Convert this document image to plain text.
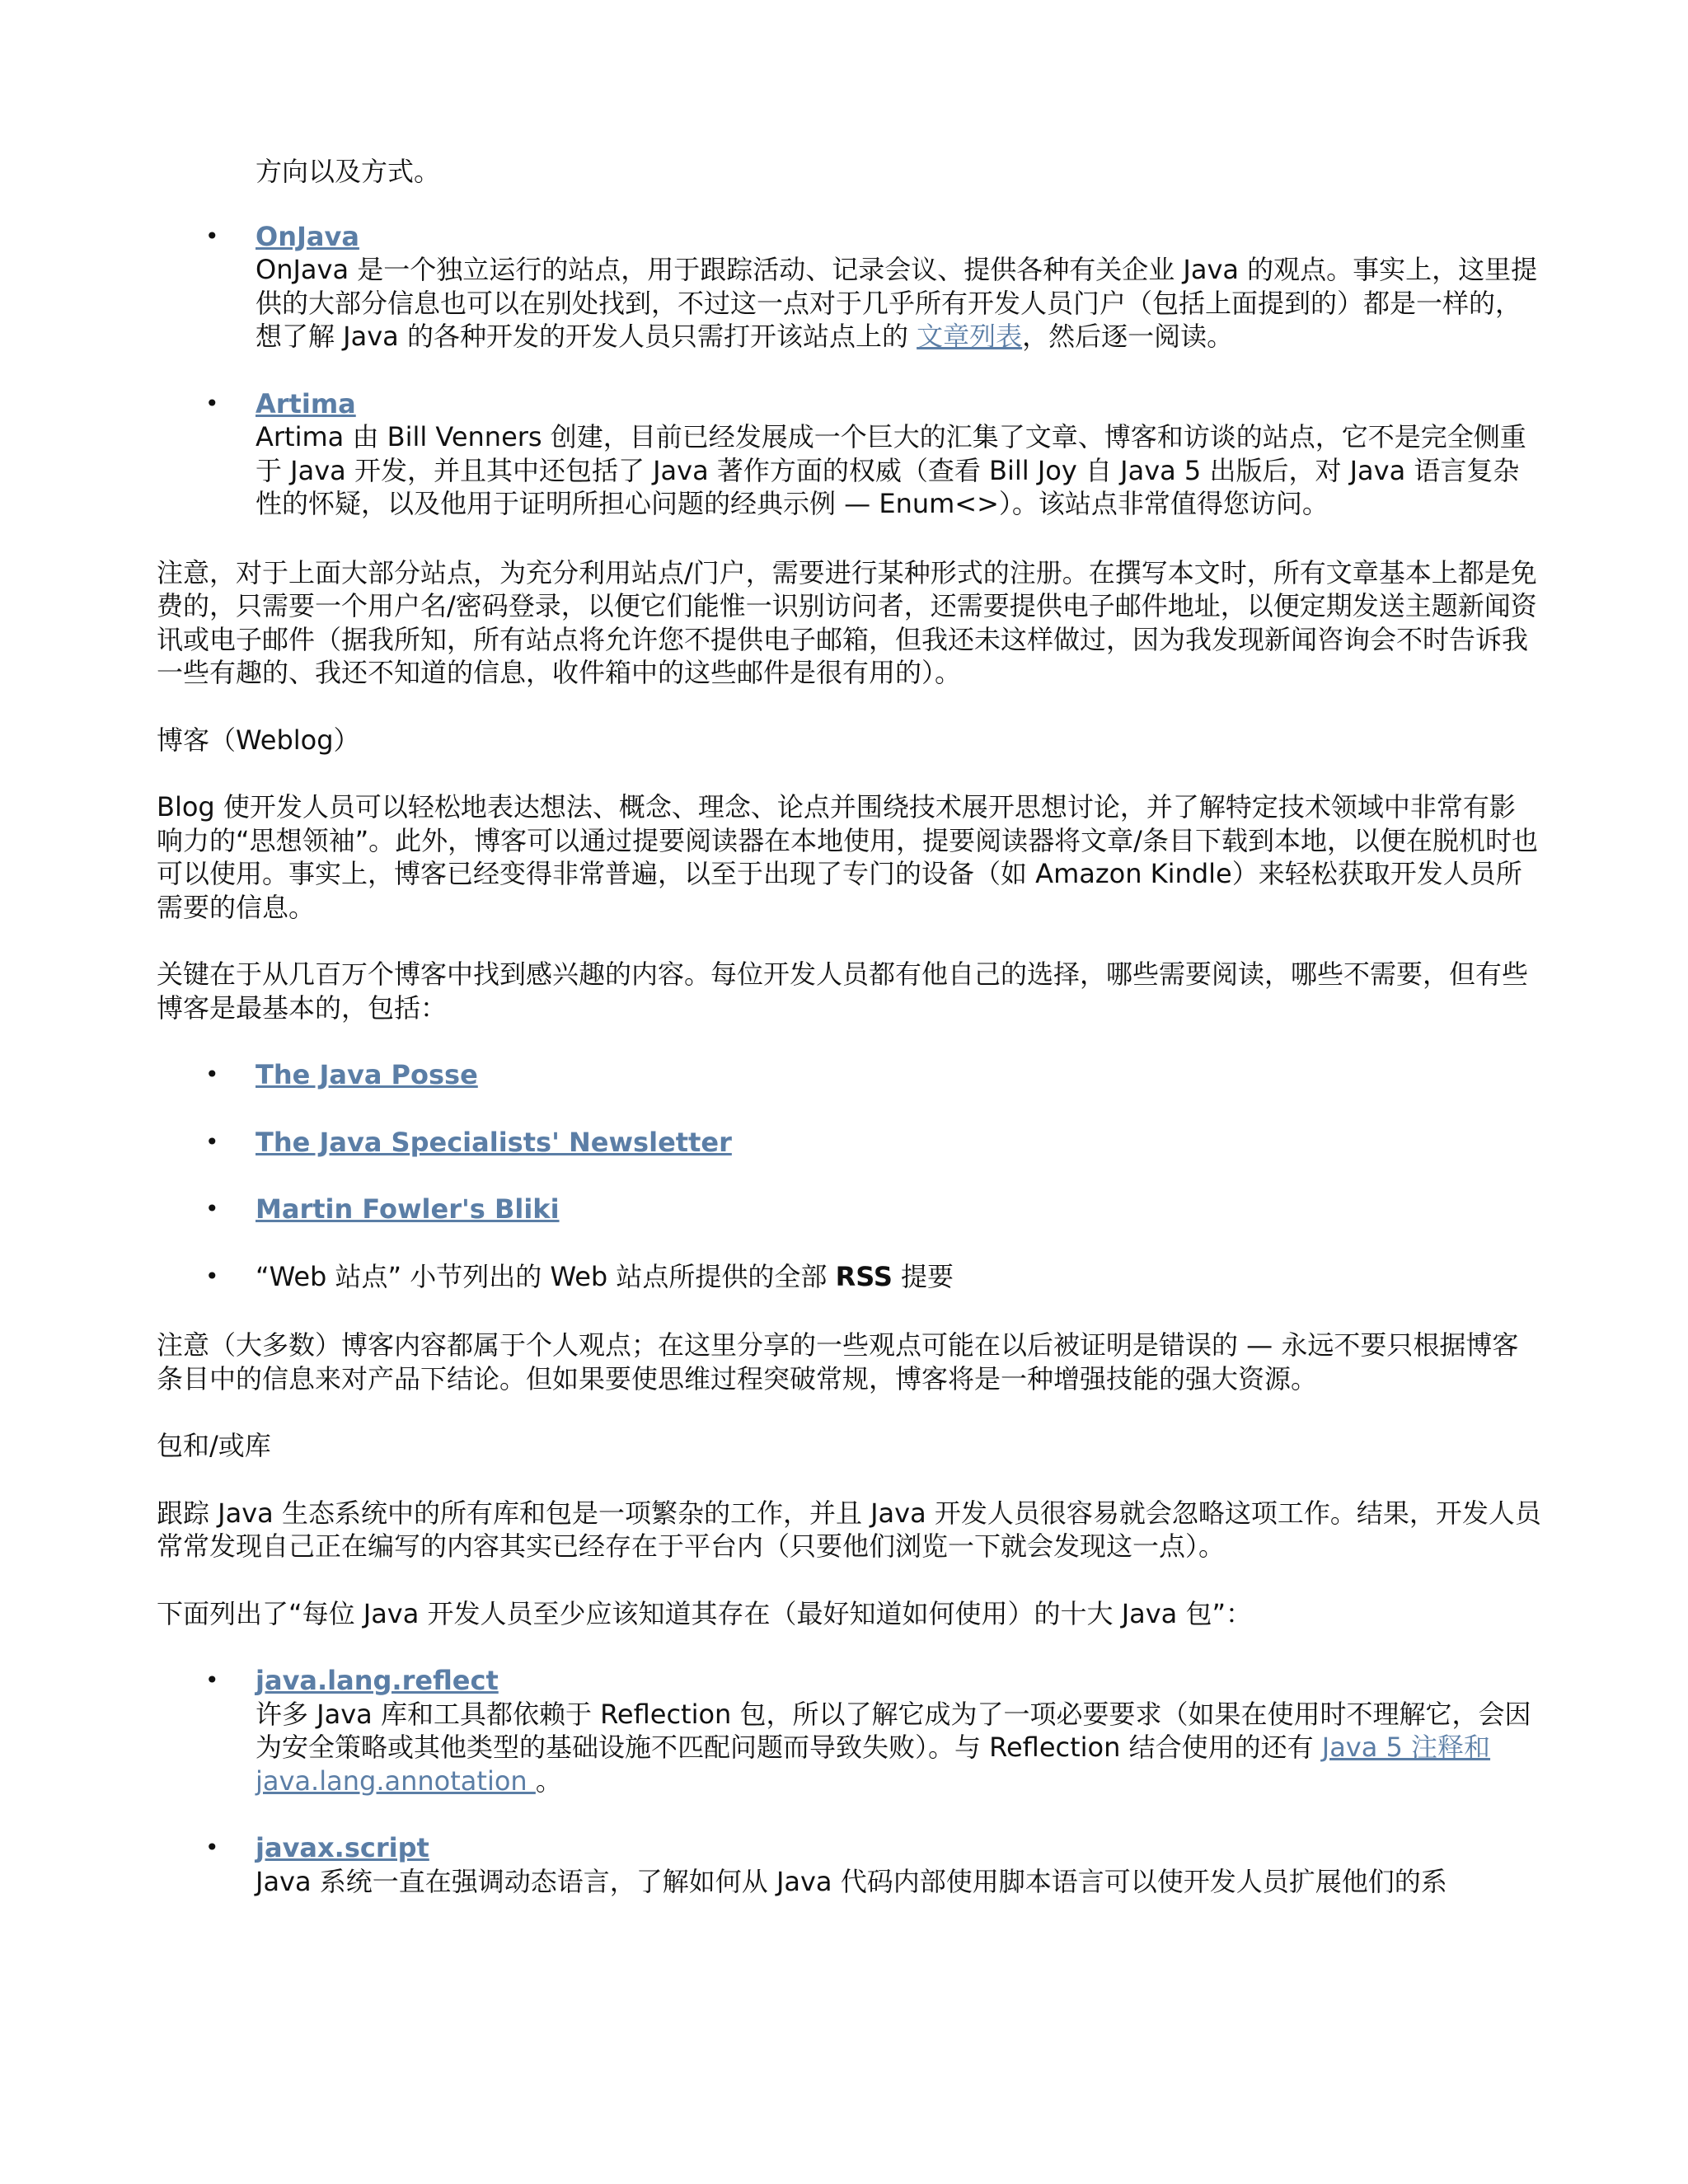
方向以及方式。
• OnJava
OnJava 是一个独立运行的站点，用于跟踪活动、记录会议、提供各种有关企业 Java 的观点。事实上，这里提供的大部分信息也可以在别处找到，不过这一点对于几乎所有开发人员门户（包括上面提到的）都是一样的，想了解 Java 的各种开发的开发人员只需打开该站点上的 文章列表，然后逐一阅读。
• Artima
Artima 由 Bill Venners 创建，目前已经发展成一个巨大的汇集了文章、博客和访谈的站点，它不是完全侧重于 Java 开发，并且其中还包括了 Java 著作方面的权威（查看 Bill Joy 自 Java 5 出版后，对 Java 语言复杂性的怀疑，以及他用于证明所担心问题的经典示例 — Enum<>）。该站点非常值得您访问。

注意，对于上面大部分站点，为充分利用站点/门户，需要进行某种形式的注册。在撰写本文时，所有文章基本上都是免费的，只需要一个用户名/密码登录，以便它们能惟一识别访问者，还需要提供电子邮件地址，以便定期发送主题新闻资讯或电子邮件（据我所知，所有站点将允许您不提供电子邮箱，但我还未这样做过，因为我发现新闻咨询会不时告诉我一些有趣的、我还不知道的信息，收件箱中的这些邮件是很有用的）。

博客（Weblog）

Blog 使开发人员可以轻松地表达想法、概念、理念、论点并围绕技术展开思想讨论，并了解特定技术领域中非常有影响力的“思想领袖”。此外，博客可以通过提要阅读器在本地使用，提要阅读器将文章/条目下载到本地，以便在脱机时也可以使用。事实上，博客已经变得非常普遍，以至于出现了专门的设备（如 Amazon Kindle）来轻松获取开发人员所需要的信息。

关键在于从几百万个博客中找到感兴趣的内容。每位开发人员都有他自己的选择，哪些需要阅读，哪些不需要，但有些博客是最基本的，包括：

• The Java Posse
• The Java Specialists' Newsletter
• Martin Fowler's Bliki
• “Web 站点” 小节列出的 Web 站点所提供的全部 RSS 提要

注意（大多数）博客内容都属于个人观点；在这里分享的一些观点可能在以后被证明是错误的 — 永远不要只根据博客条目中的信息来对产品下结论。但如果要使思维过程突破常规，博客将是一种增强技能的强大资源。

包和/或库

跟踪 Java 生态系统中的所有库和包是一项繁杂的工作，并且 Java 开发人员很容易就会忽略这项工作。结果，开发人员常常发现自己正在编写的内容其实已经存在于平台内（只要他们浏览一下就会发现这一点）。

下面列出了“每位 Java 开发人员至少应该知道其存在（最好知道如何使用）的十大 Java 包”：

• java.lang.reflect
许多 Java 库和工具都依赖于 Reflection 包，所以了解它成为了一项必要要求（如果在使用时不理解它，会因为安全策略或其他类型的基础设施不匹配问题而导致失败）。与 Reflection 结合使用的还有 Java 5 注释和 java.lang.annotation 。
• javax.script
Java 系统一直在强调动态语言，了解如何从 Java 代码内部使用脚本语言可以使开发人员扩展他们的系
